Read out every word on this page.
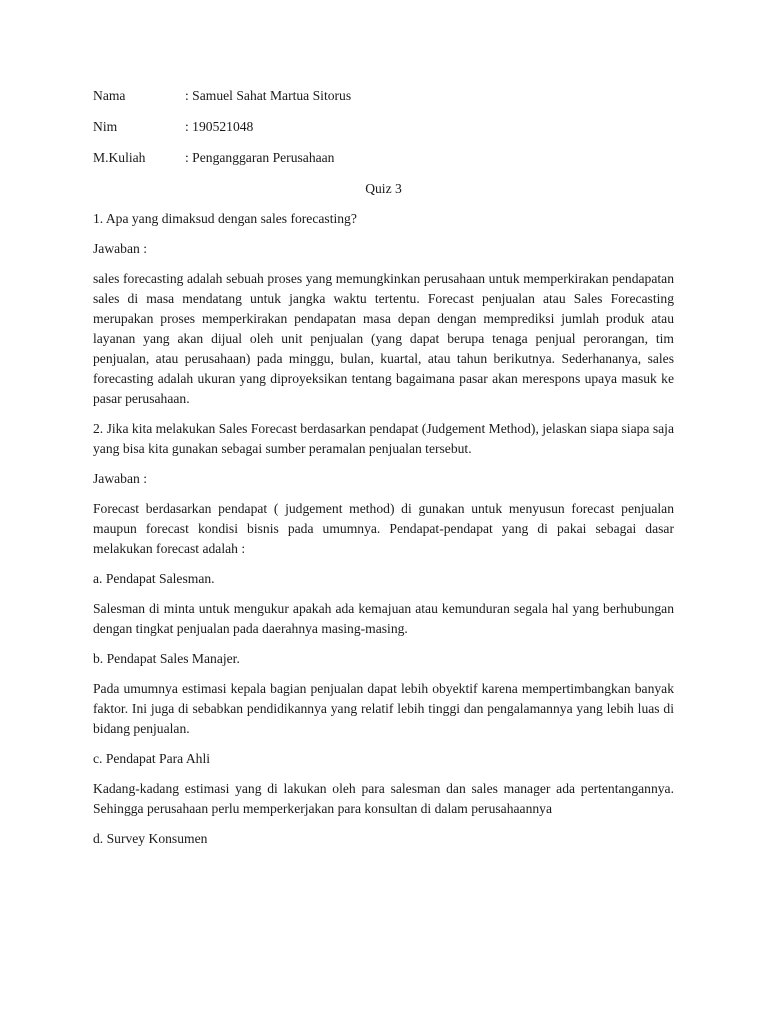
Nama	: Samuel Sahat Martua Sitorus
Nim	: 190521048
M.Kuliah	: Penganggaran Perusahaan
Quiz 3

1. Apa yang dimaksud dengan sales forecasting?

Jawaban :

sales forecasting adalah sebuah proses yang memungkinkan perusahaan untuk memperkirakan pendapatan sales di masa mendatang untuk jangka waktu tertentu. Forecast penjualan atau Sales Forecasting merupakan proses memperkirakan pendapatan masa depan dengan memprediksi jumlah produk atau layanan yang akan dijual oleh unit penjualan (yang dapat berupa tenaga penjual perorangan, tim penjualan, atau perusahaan) pada minggu, bulan, kuartal, atau tahun berikutnya. Sederhananya, sales forecasting adalah ukuran yang diproyeksikan tentang bagaimana pasar akan merespons upaya masuk ke pasar perusahaan.

2. Jika kita melakukan Sales Forecast berdasarkan pendapat (Judgement Method), jelaskan siapa siapa saja yang bisa kita gunakan sebagai sumber peramalan penjualan tersebut.

Jawaban :

Forecast berdasarkan pendapat ( judgement method) di gunakan untuk menyusun forecast penjualan maupun forecast kondisi bisnis pada umumnya. Pendapat-pendapat yang di pakai sebagai dasar melakukan forecast adalah :

a. Pendapat Salesman.

Salesman di minta untuk mengukur apakah ada kemajuan atau kemunduran segala hal yang berhubungan dengan tingkat penjualan pada daerahnya masing-masing.

b. Pendapat Sales Manajer.

Pada umumnya estimasi kepala bagian penjualan dapat lebih obyektif karena mempertimbangkan banyak faktor. Ini juga di sebabkan pendidikannya yang relatif lebih tinggi dan pengalamannya yang lebih luas di bidang penjualan.

c. Pendapat Para Ahli

Kadang-kadang estimasi yang di lakukan oleh para salesman dan sales manager ada pertentangannya. Sehingga perusahaan perlu memperkerjakan para konsultan di dalam perusahaannya

d. Survey Konsumen
